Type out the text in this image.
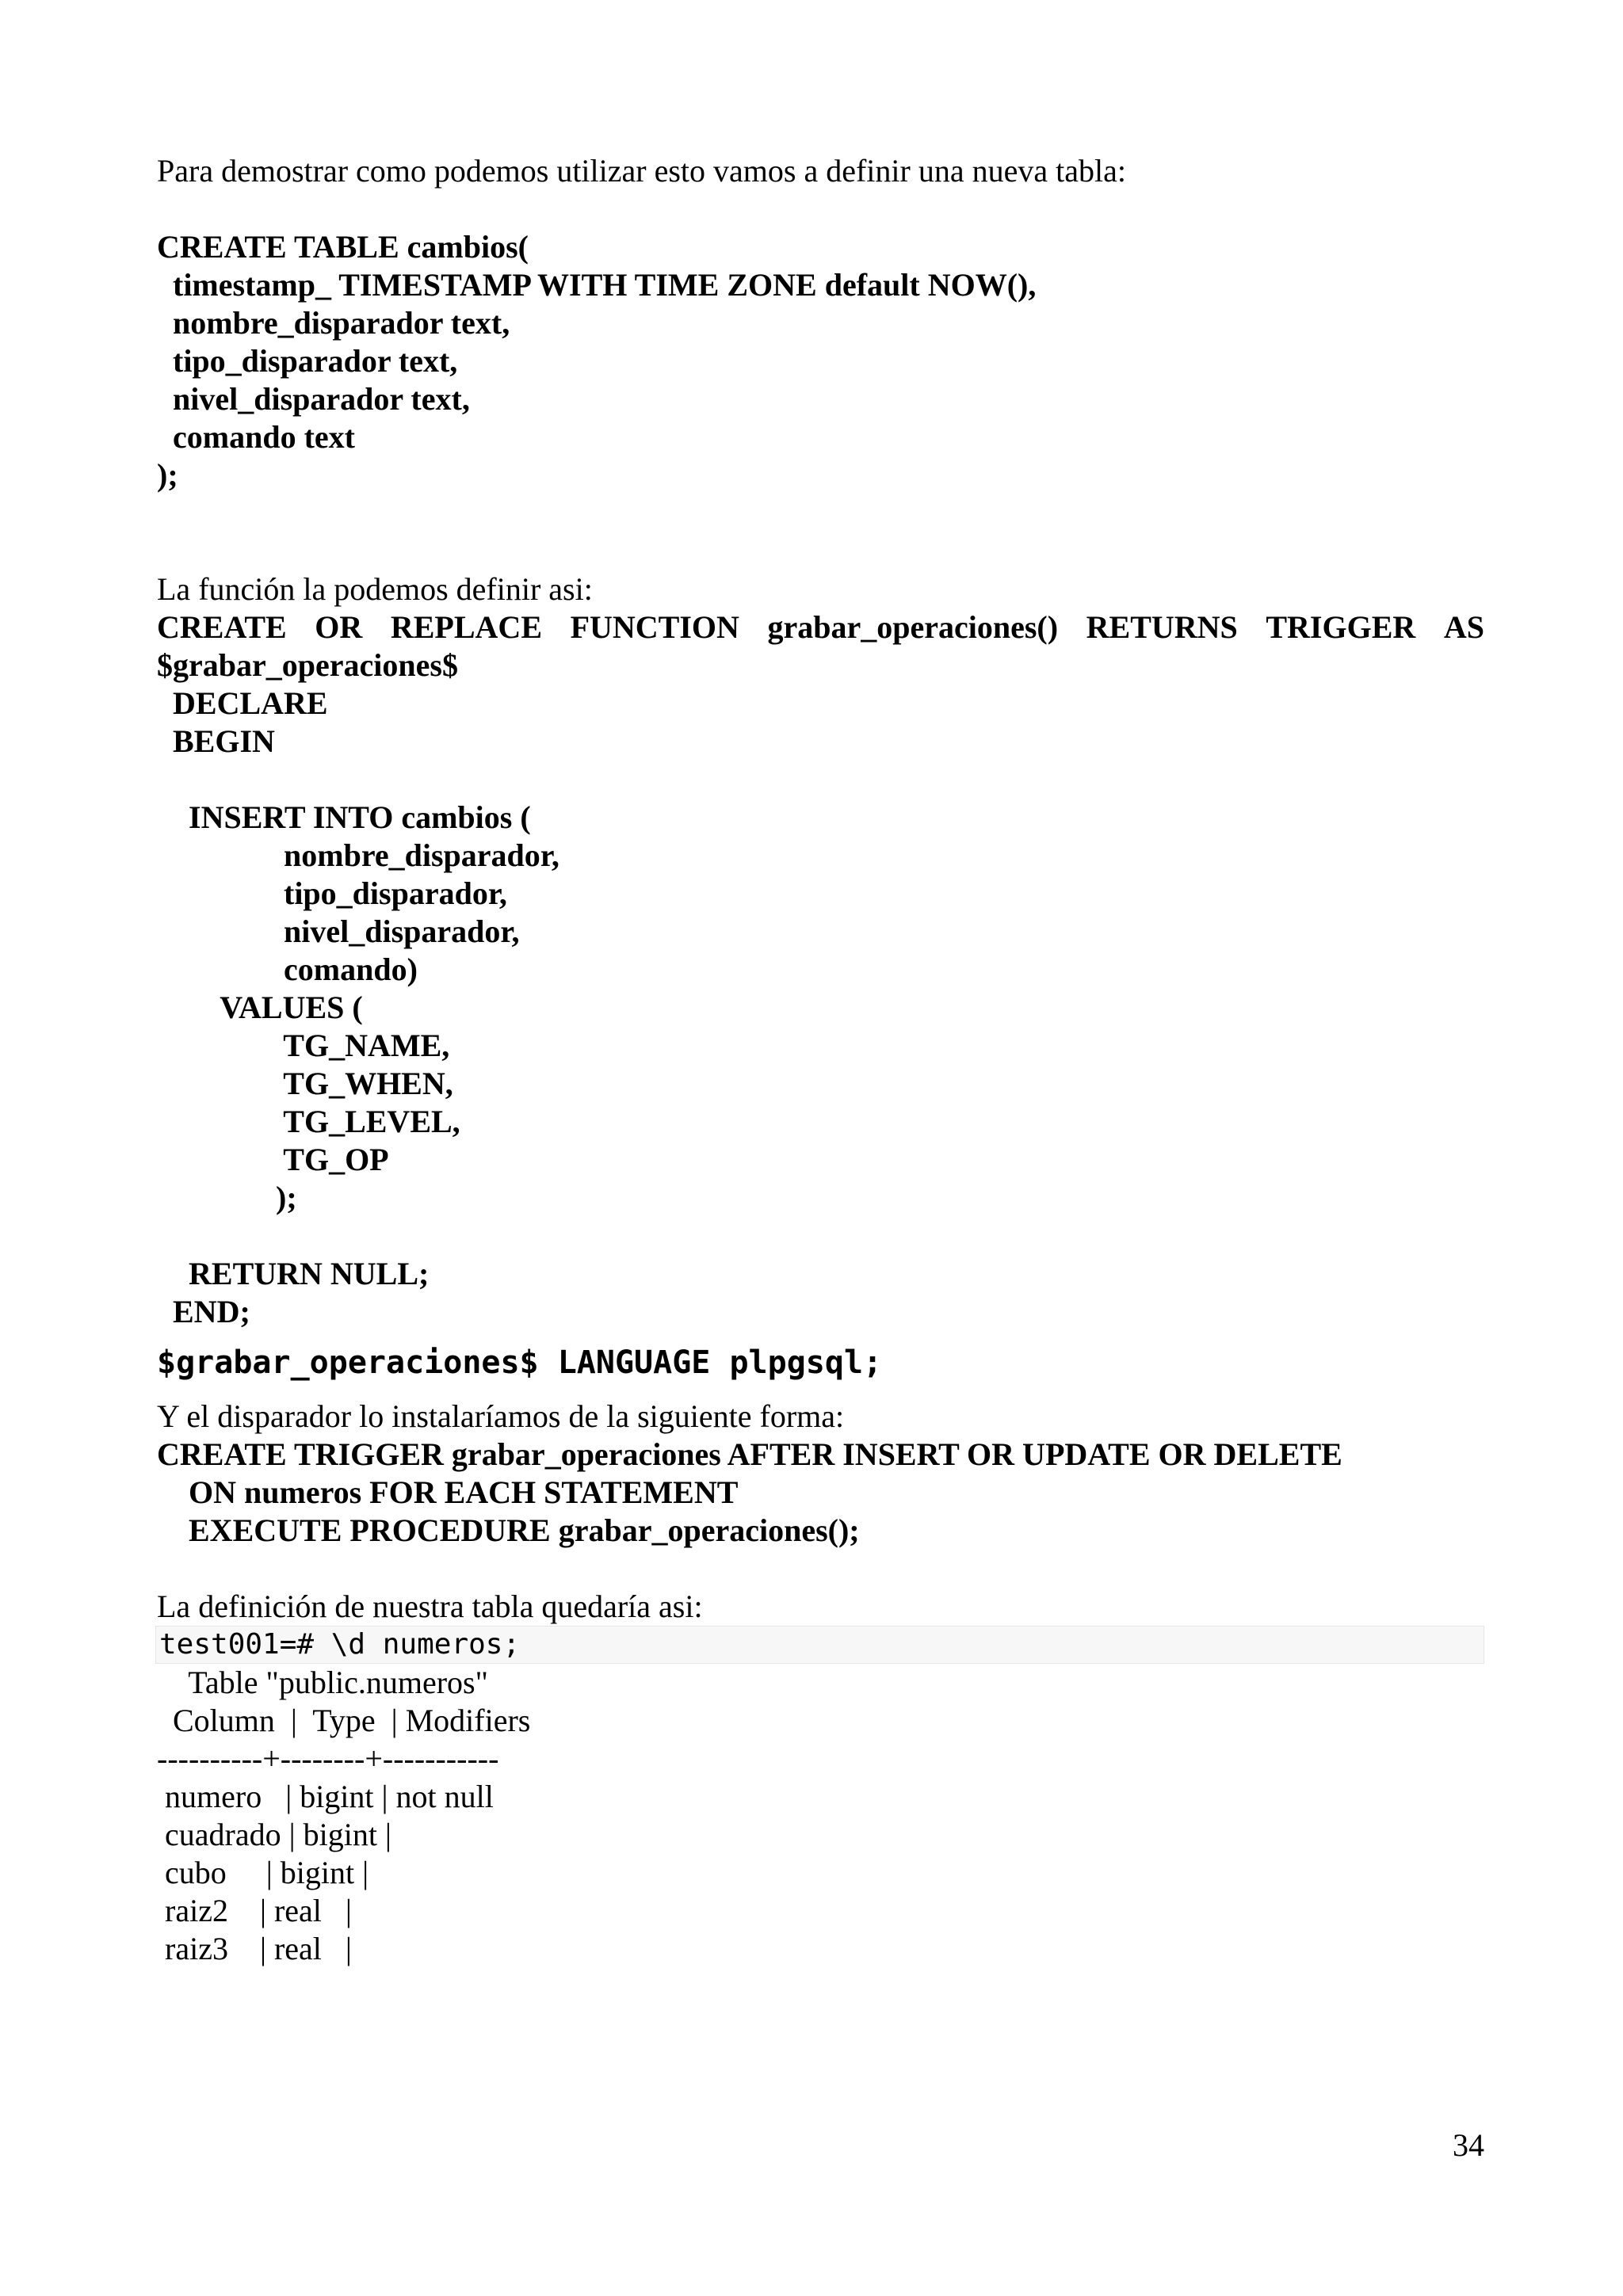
Para demostrar como podemos utilizar esto vamos a definir una nueva tabla:
CREATE TABLE cambios(
timestamp_ TIMESTAMP WITH TIME ZONE default NOW(),
nombre_disparador text,
tipo_disparador text,
nivel_disparador text,
comando text
);
La función la podemos definir asi:
CREATE OR REPLACE FUNCTION grabar_operaciones() RETURNS TRIGGER AS
$grabar_operaciones$
DECLARE
BEGIN
INSERT INTO cambios (
nombre_disparador,
tipo_disparador,
nivel_disparador,
comando)
VALUES (
TG_NAME,
TG_WHEN,
TG_LEVEL,
TG_OP
);
RETURN NULL;
END;
$grabar_operaciones$ LANGUAGE plpgsql;
Y el disparador lo instalaríamos de la siguiente forma:
CREATE TRIGGER grabar_operaciones AFTER INSERT OR UPDATE OR DELETE
ON numeros FOR EACH STATEMENT
EXECUTE PROCEDURE grabar_operaciones();
La definición de nuestra tabla quedaría asi:
test001=# \d numeros;
Table "public.numeros"
Column  |  Type  | Modifiers
----------+--------+-----------
numero   | bigint | not null
cuadrado | bigint |
cubo     | bigint |
raiz2    | real   |
raiz3    | real   |
34
